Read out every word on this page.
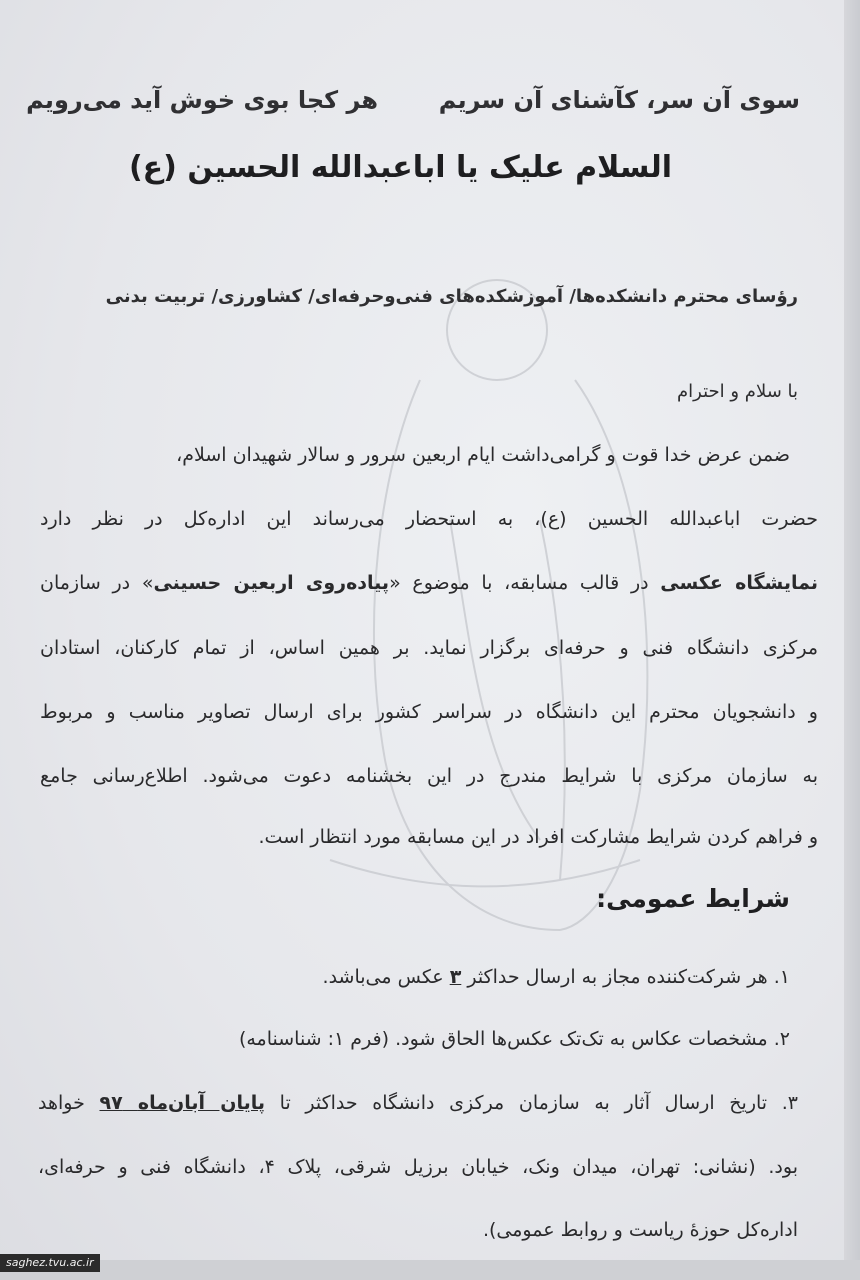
هر کجا بوی خوش آید می‌رویم	سوی آن سر، کآشنای آن سریم
السلام علیک یا اباعبدالله الحسین (ع)
رؤسای محترم دانشکده‌ها/ آموزشکده‌های فنی‌وحرفه‌ای/ کشاورزی/ تربیت بدنی
با سلام و احترام
ضمن عرض خدا قوت و گرامی‌داشت ایام اربعین سرور و سالار شهیدان اسلام،
حضرت اباعبدالله الحسین (ع)، به استحضار می‌رساند این اداره‌کل در نظر دارد
نمایشگاه عکسی در قالب مسابقه، با موضوع «پیاده‌روی اربعین حسینی» در سازمان
مرکزی دانشگاه فنی و حرفه‌ای برگزار نماید. بر همین اساس، از تمام کارکنان، استادان
و دانشجویان محترم این دانشگاه در سراسر کشور برای ارسال تصاویر مناسب و مربوط
به سازمان مرکزی با شرایط مندرج در این بخشنامه دعوت می‌شود. اطلاع‌رسانی جامع
و فراهم کردن شرایط مشارکت افراد در این مسابقه مورد انتظار است.
شرایط عمومی:
۱. هر شرکت‌کننده مجاز به ارسال حداکثر ۳ عکس می‌باشد.
۲. مشخصات عکاس به تک‌تک عکس‌ها الحاق شود. (فرم ۱: شناسنامه)
۳. تاریخ ارسال آثار به سازمان مرکزی دانشگاه حداکثر تا پایان آبان‌ماه ۹۷ خواهد
بود. (نشانی: تهران، میدان ونک، خیابان برزیل شرقی، پلاک ۴، دانشگاه فنی و حرفه‌ای،
اداره‌کل حوزۀ ریاست و روابط عمومی).
saghez.tvu.ac.ir
